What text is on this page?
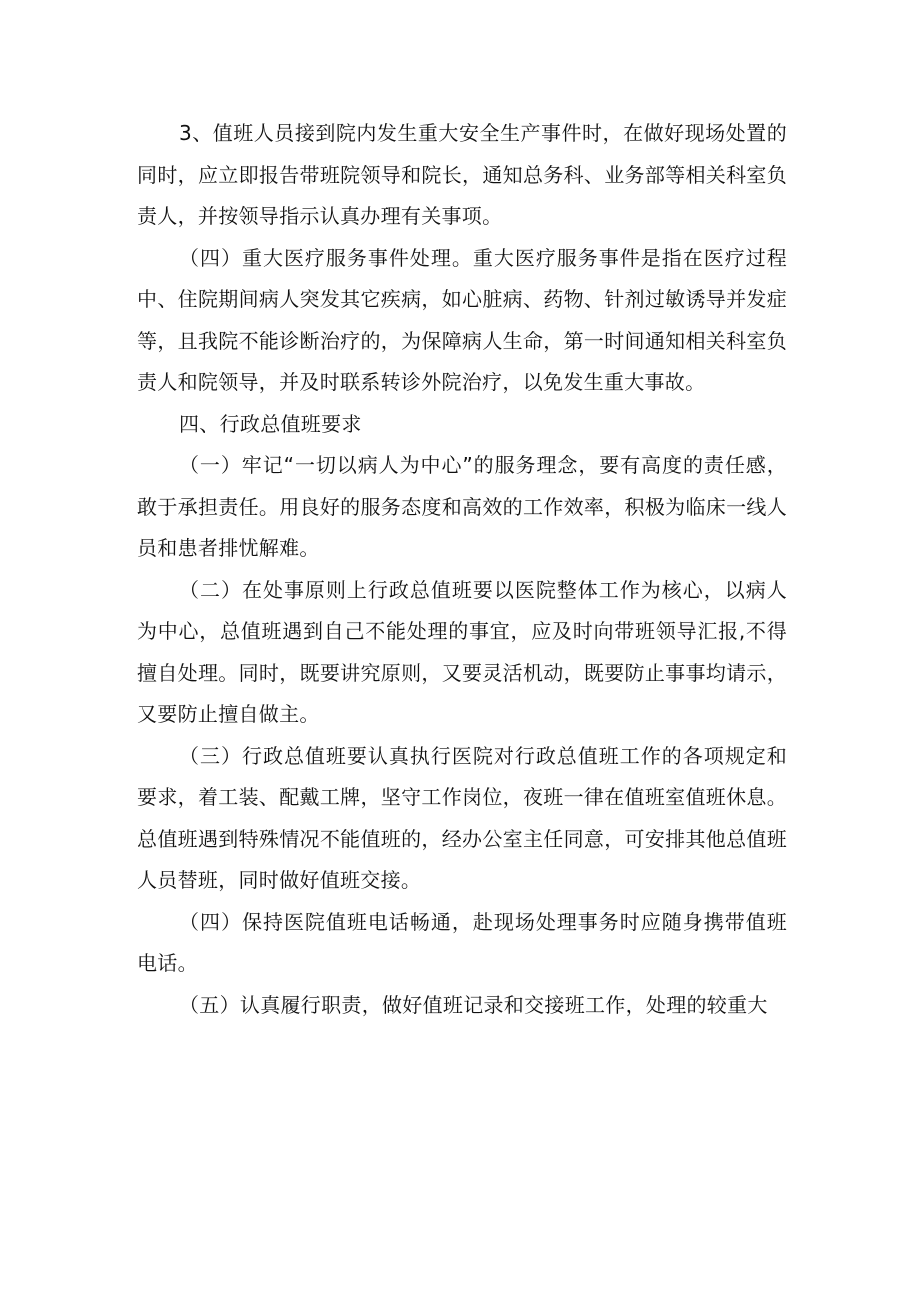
3、值班人员接到院内发生重大安全生产事件时，在做好现场处置的同时，应立即报告带班院领导和院长，通知总务科、业务部等相关科室负责人，并按领导指示认真办理有关事项。

（四）重大医疗服务事件处理。重大医疗服务事件是指在医疗过程中、住院期间病人突发其它疾病，如心脏病、药物、针剂过敏诱导并发症等，且我院不能诊断治疗的，为保障病人生命，第一时间通知相关科室负责人和院领导，并及时联系转诊外院治疗，以免发生重大事故。

四、行政总值班要求

（一）牢记“一切以病人为中心”的服务理念，要有高度的责任感，敢于承担责任。用良好的服务态度和高效的工作效率，积极为临床一线人员和患者排忧解难。

（二）在处事原则上行政总值班要以医院整体工作为核心，以病人为中心，总值班遇到自己不能处理的事宜，应及时向带班领导汇报,不得擅自处理。同时，既要讲究原则，又要灵活机动，既要防止事事均请示，又要防止擅自做主。

（三）行政总值班要认真执行医院对行政总值班工作的各项规定和要求，着工装、配戴工牌，坚守工作岗位，夜班一律在值班室值班休息。总值班遇到特殊情况不能值班的，经办公室主任同意，可安排其他总值班人员替班，同时做好值班交接。

（四）保持医院值班电话畅通，赴现场处理事务时应随身携带值班电话。

（五）认真履行职责，做好值班记录和交接班工作，处理的较重大
